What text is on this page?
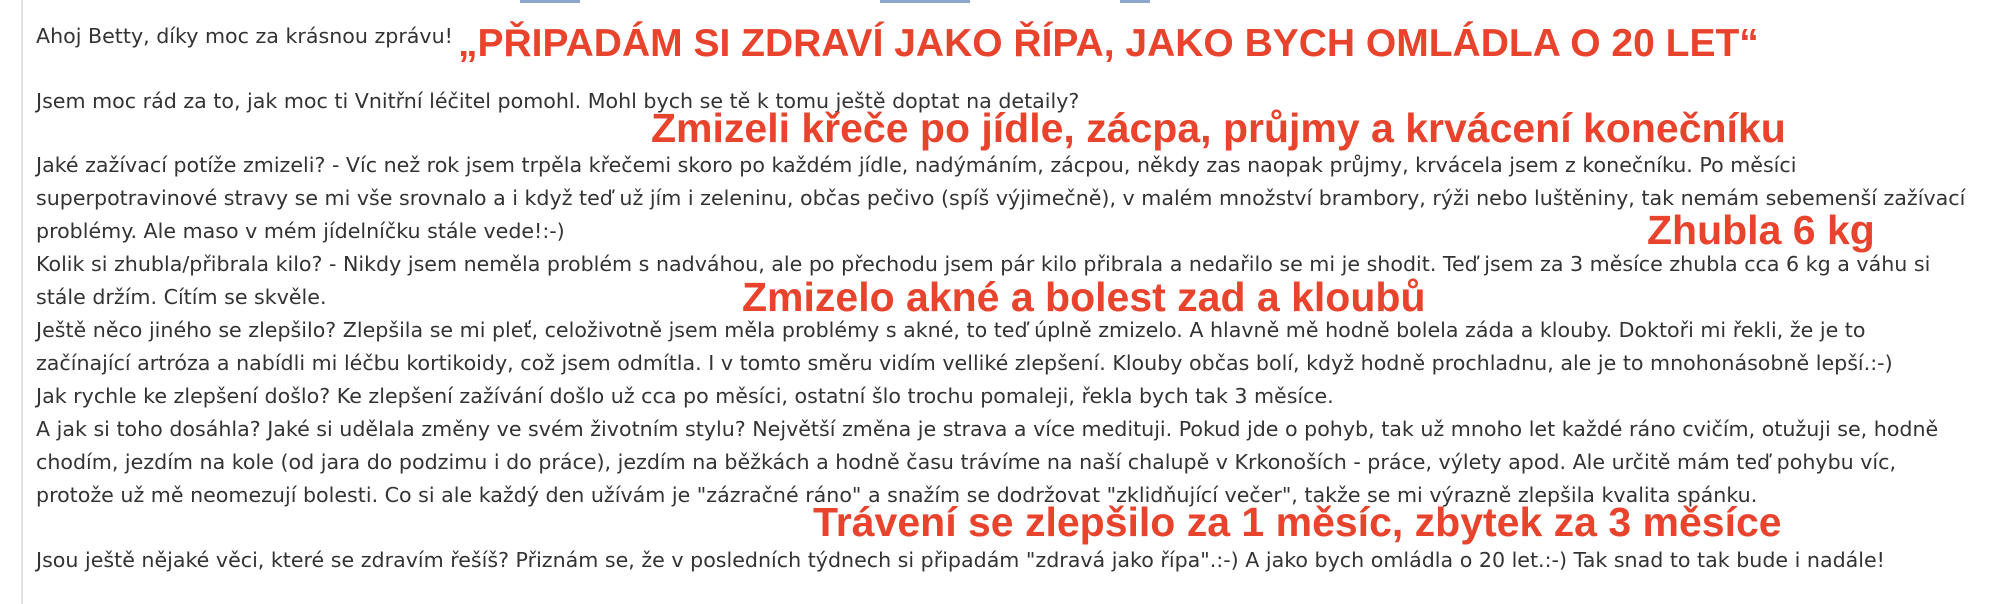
Ahoj Betty, díky moc za krásnou zprávu!
Jsem moc rád za to, jak moc ti Vnitřní léčitel pomohl. Mohl bych se tě k tomu ještě doptat na detaily?
Jaké zažívací potíže zmizeli? - Víc než rok jsem trpěla křečemi skoro po každém jídle, nadýmáním, zácpou, někdy zas naopak průjmy, krvácela jsem z konečníku. Po měsíci
superpotravinové stravy se mi vše srovnalo a i když teď už jím i zeleninu, občas pečivo (spíš výjimečně), v malém množství brambory, rýži nebo luštěniny, tak nemám sebemenší zažívací
problémy. Ale maso v mém jídelníčku stále vede!:-)
Kolik si zhubla/přibrala kilo? - Nikdy jsem neměla problém s nadváhou, ale po přechodu jsem pár kilo přibrala a nedařilo se mi je shodit. Teď jsem za 3 měsíce zhubla cca 6 kg a váhu si
stále držím. Cítím se skvěle.
Ještě něco jiného se zlepšilo? Zlepšila se mi pleť, celoživotně jsem měla problémy s akné, to teď úplně zmizelo. A hlavně mě hodně bolela záda a klouby. Doktoři mi řekli, že je to
začínající artróza a nabídli mi léčbu kortikoidy, což jsem odmítla. I v tomto směru vidím velliké zlepšení. Klouby občas bolí, když hodně prochladnu, ale je to mnohonásobně lepší.:-)
Jak rychle ke zlepšení došlo? Ke zlepšení zažívání došlo už cca po měsíci, ostatní šlo trochu pomaleji, řekla bych tak 3 měsíce.
A jak si toho dosáhla? Jaké si udělala změny ve svém životním stylu? Největší změna je strava a více medituji. Pokud jde o pohyb, tak už mnoho let každé ráno cvičím, otužuji se, hodně
chodím, jezdím na kole (od jara do podzimu i do práce), jezdím na běžkách a hodně času trávíme na naší chalupě v Krkonoších - práce, výlety apod. Ale určitě mám teď pohybu víc,
protože už mě neomezují bolesti. Co si ale každý den užívám je "zázračné ráno" a snažím se dodržovat "zklidňující večer", takže se mi výrazně zlepšila kvalita spánku.
Jsou ještě nějaké věci, které se zdravím řešíš? Přiznám se, že v posledních týdnech si připadám "zdravá jako řípa".:-) A jako bych omládla o 20 let.:-) Tak snad to tak bude i nadále!
„PŘIPADÁM SI ZDRAVÍ JAKO ŘÍPA, JAKO BYCH OMLÁDLA O 20 LET“
Zmizeli křeče po jídle, zácpa, průjmy a krvácení konečníku
Zhubla 6 kg
Zmizelo akné a bolest zad a kloubů
Trávení se zlepšilo za 1 měsíc, zbytek za 3 měsíce
